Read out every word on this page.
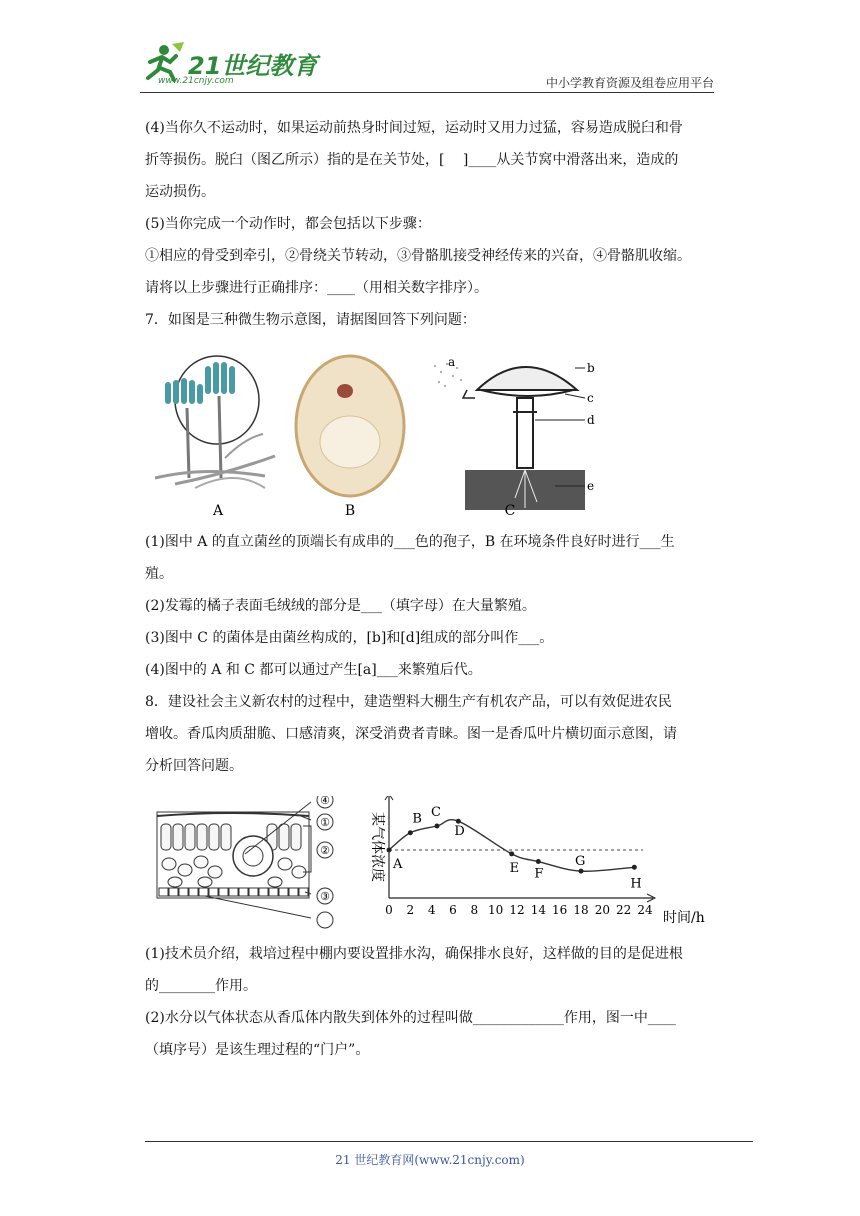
21世纪教育
www.21cnjy.com	中小学教育资源及组卷应用平台

(4)当你久不运动时，如果运动前热身时间过短，运动时又用力过猛，容易造成脱臼和骨

折等损伤。脱臼（图乙所示）指的是在关节处，[　 ]____从关节窝中滑落出来，造成的

运动损伤。

(5)当你完成一个动作时，都会包括以下步骤：

①相应的骨受到牵引，②骨绕关节转动，③骨骼肌接受神经传来的兴奋，④骨骼肌收缩。

请将以上步骤进行正确排序：____（用相关数字排序）。

7．如图是三种微生物示意图，请据图回答下列问题：

A	B
a	b
c
d
e
C

(1)图中 A 的直立菌丝的顶端长有成串的___色的孢子，B 在环境条件良好时进行___生

殖。

(2)发霉的橘子表面毛绒绒的部分是___（填字母）在大量繁殖。

(3)图中 C 的菌体是由菌丝构成的，[b]和[d]组成的部分叫作___。

(4)图中的 A 和 C 都可以通过产生[a]___来繁殖后代。

8．建设社会主义新农村的过程中，建造塑料大棚生产有机农产品，可以有效促进农民

增收。香瓜肉质甜脆、口感清爽，深受消费者青睐。图一是香瓜叶片横切面示意图，请

分析回答问题。

④
①
②
③
0 2 4 6 8 10 12 14 16 18 20 22 24
A
B C
D
E F
G
H
某气体浓度
时间/h

(1)技术员介绍，栽培过程中棚内要设置排水沟，确保排水良好，这样做的目的是促进根

的________作用。

(2)水分以气体状态从香瓜体内散失到体外的过程叫做_____________作用，图一中____

（填序号）是该生理过程的“门户”。

21 世纪教育网(www.21cnjy.com)
